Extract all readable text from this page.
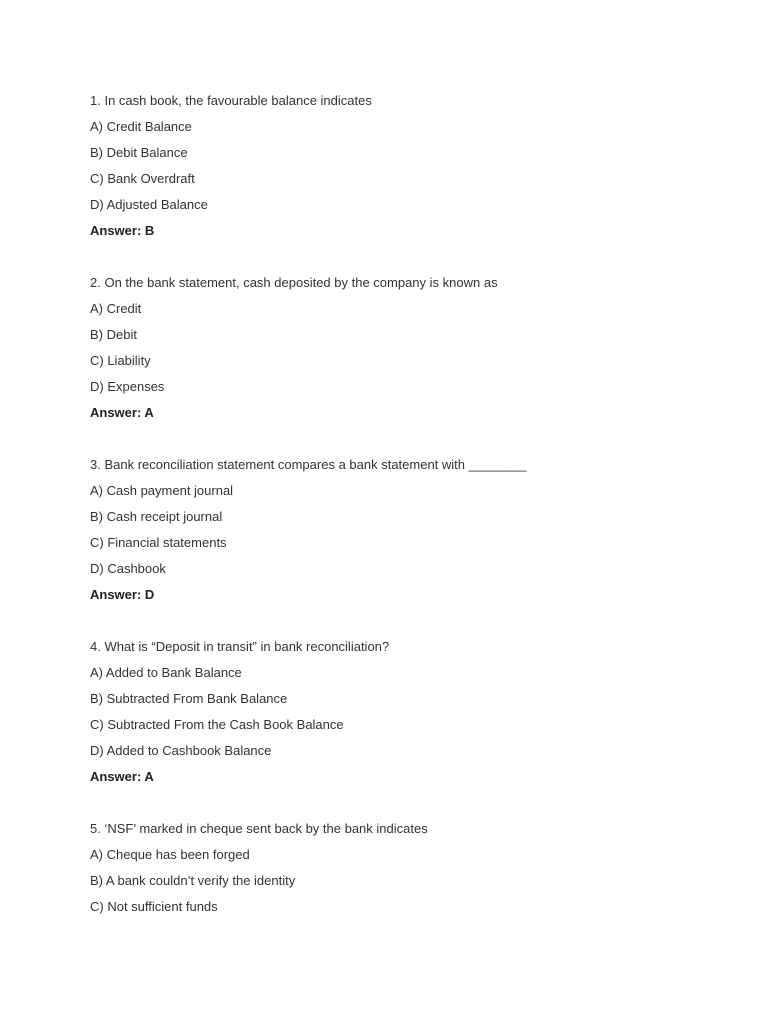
1. In cash book, the favourable balance indicates
A) Credit Balance
B) Debit Balance
C) Bank Overdraft
D) Adjusted Balance
Answer: B
2. On the bank statement, cash deposited by the company is known as
A) Credit
B) Debit
C) Liability
D) Expenses
Answer: A
3. Bank reconciliation statement compares a bank statement with ________
A) Cash payment journal
B) Cash receipt journal
C) Financial statements
D) Cashbook
Answer: D
4. What is “Deposit in transit” in bank reconciliation?
A) Added to Bank Balance
B) Subtracted From Bank Balance
C) Subtracted From the Cash Book Balance
D) Added to Cashbook Balance
Answer: A
5. ‘NSF’ marked in cheque sent back by the bank indicates
A) Cheque has been forged
B) A bank couldn’t verify the identity
C) Not sufficient funds
